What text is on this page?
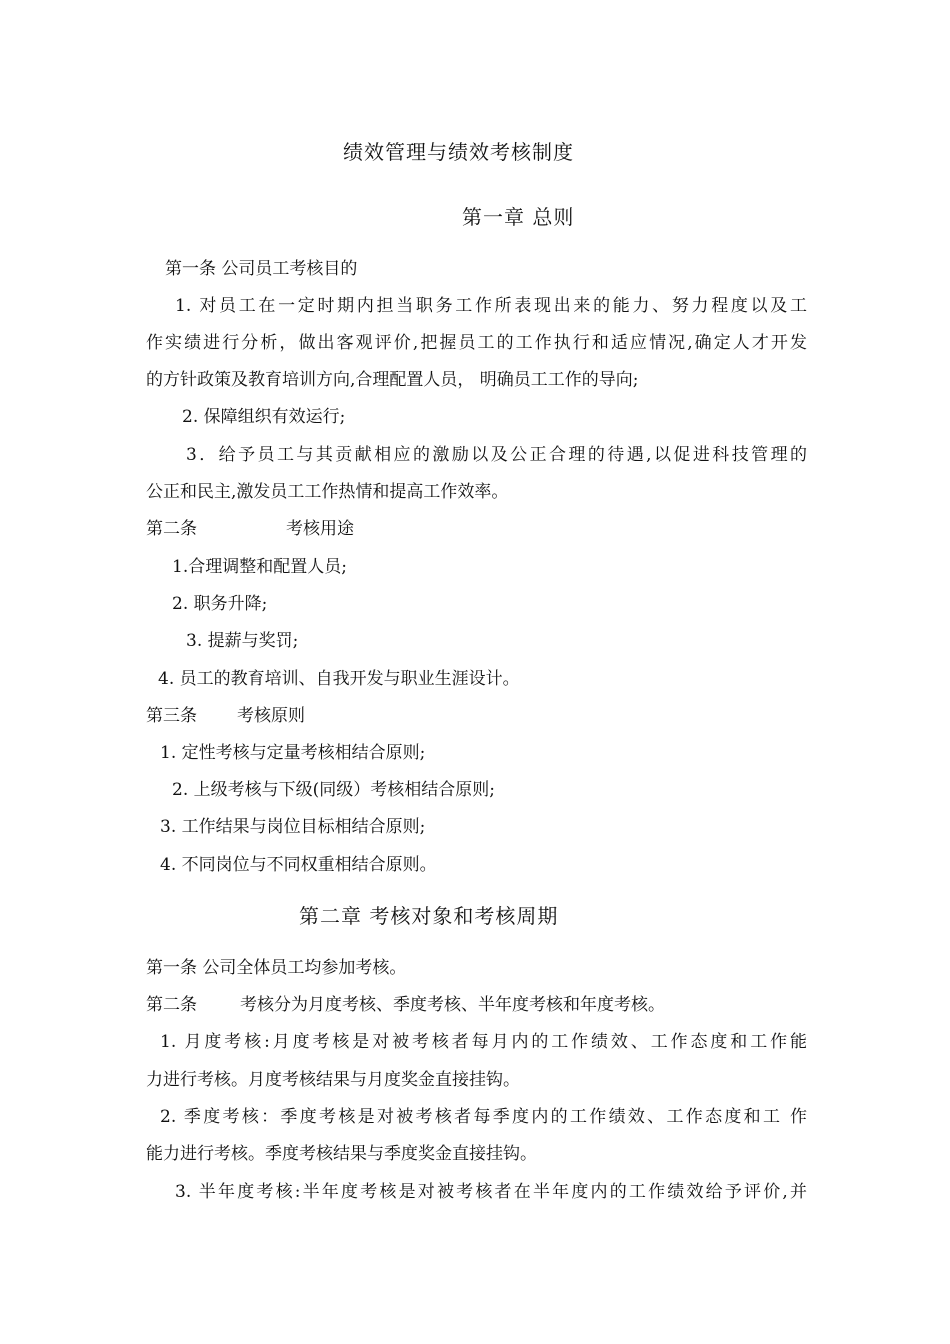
绩效管理与绩效考核制度
第一章 总则
第一条 公司员工考核目的
1. 对员工在一定时期内担当职务工作所表现出来的能力、努力程度以及工
作实绩进行分析，做出客观评价,把握员工的工作执行和适应情况,确定人才开发
的方针政策及教育培训方向,合理配置人员， 明确员工工作的导向;
2. 保障组织有效运行;
3．给予员工与其贡献相应的激励以及公正合理的待遇,以促进科技管理的
公正和民主,激发员工工作热情和提高工作效率。
第二条	考核用途
1.合理调整和配置人员;
2. 职务升降;
3. 提薪与奖罚;
4. 员工的教育培训、自我开发与职业生涯设计。
第三条 考核原则
1. 定性考核与定量考核相结合原则;
2. 上级考核与下级(同级）考核相结合原则;
3. 工作结果与岗位目标相结合原则;
4. 不同岗位与不同权重相结合原则。
第二章 考核对象和考核周期
第一条 公司全体员工均参加考核。
第二条	考核分为月度考核、季度考核、半年度考核和年度考核。
1. 月度考核:月度考核是对被考核者每月内的工作绩效、工作态度和工作能
力进行考核。月度考核结果与月度奖金直接挂钩。
2. 季度考核：季度考核是对被考核者每季度内的工作绩效、工作态度和工 作
能力进行考核。季度考核结果与季度奖金直接挂钩。
3. 半年度考核:半年度考核是对被考核者在半年度内的工作绩效给予评价,并
